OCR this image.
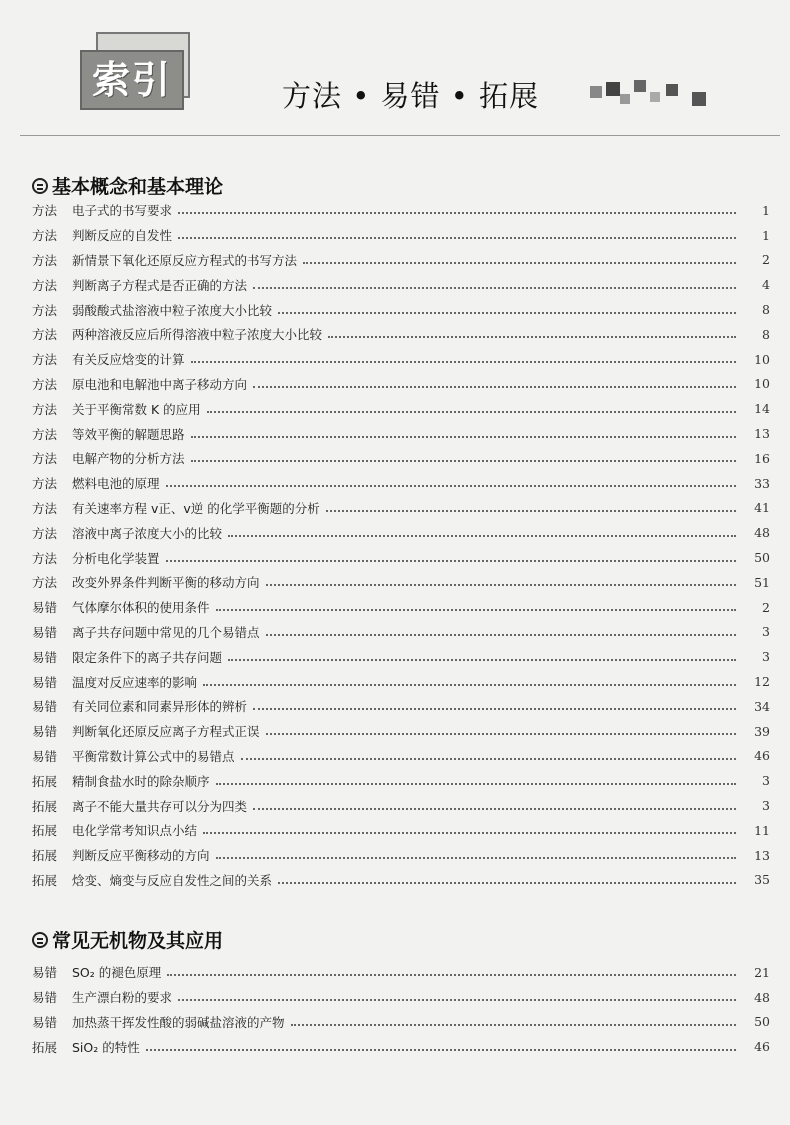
索引	方法 • 易错 • 拓展
基本概念和基本理论
方法	电子式的书写要求	1
方法	判断反应的自发性	1
方法	新情景下氧化还原反应方程式的书写方法	2
方法	判断离子方程式是否正确的方法	4
方法	弱酸酸式盐溶液中粒子浓度大小比较	8
方法	两种溶液反应后所得溶液中粒子浓度大小比较	8
方法	有关反应焓变的计算	10
方法	原电池和电解池中离子移动方向	10
方法	关于平衡常数 K 的应用	14
方法	等效平衡的解题思路	13
方法	电解产物的分析方法	16
方法	燃料电池的原理	33
方法	有关速率方程 v正、v逆 的化学平衡题的分析	41
方法	溶液中离子浓度大小的比较	48
方法	分析电化学装置	50
方法	改变外界条件判断平衡的移动方向	51
易错	气体摩尔体积的使用条件	2
易错	离子共存问题中常见的几个易错点	3
易错	限定条件下的离子共存问题	3
易错	温度对反应速率的影响	12
易错	有关同位素和同素异形体的辨析	34
易错	判断氧化还原反应离子方程式正误	39
易错	平衡常数计算公式中的易错点	46
拓展	精制食盐水时的除杂顺序	3
拓展	离子不能大量共存可以分为四类	3
拓展	电化学常考知识点小结	11
拓展	判断反应平衡移动的方向	13
拓展	焓变、熵变与反应自发性之间的关系	35
常见无机物及其应用
易错	SO₂ 的褪色原理	21
易错	生产漂白粉的要求	48
易错	加热蒸干挥发性酸的弱碱盐溶液的产物	50
拓展	SiO₂ 的特性	46
